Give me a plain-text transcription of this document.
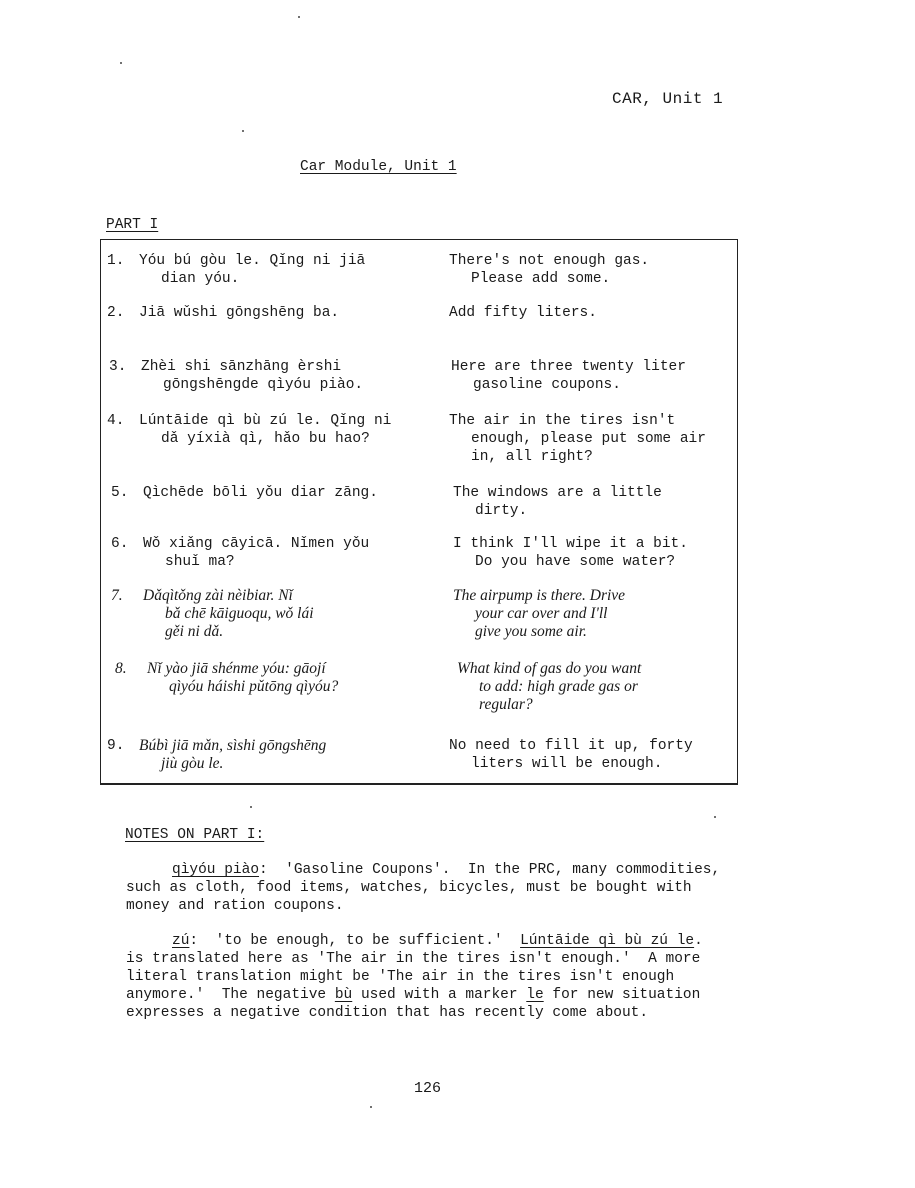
CAR, Unit 1
Car Module, Unit 1
PART I
1. Yóu bú gòu le. Qǐng ni jiā
dian yóu.
There's not enough gas.
Please add some.
2. Jiā wǔshi gōngshēng ba.	Add fifty liters.
3. Zhèi shi sānzhāng èrshi
gōngshēngde qìyóu piào.
Here are three twenty liter
gasoline coupons.
4. Lúntāide qì bù zú le. Qǐng ni
dǎ yíxià qì, hǎo bu hao?
The air in the tires isn't
enough, please put some air
in, all right?
5. Qìchēde bōli yǒu diar zāng.	The windows are a little
dirty.
6. Wǒ xiǎng cāyicā. Nǐmen yǒu
shuǐ ma?
I think I'll wipe it a bit.
Do you have some water?
7. Dǎqìtǒng zài nèibiar. Nǐ
bǎ chē kāiguoqu, wǒ lái
gěi ni dǎ.
The airpump is there. Drive
your car over and I'll
give you some air.
8. Nǐ yào jiā shénme yóu: gāojí
qìyóu háishi pǔtōng qìyóu?
What kind of gas do you want
to add: high grade gas or
regular?
9. Búbì jiā mǎn, sìshi gōngshēng
jiù gòu le.
No need to fill it up, forty
liters will be enough.
NOTES ON PART I:
qìyóu piào:  'Gasoline Coupons'.  In the PRC, many commodities,
such as cloth, food items, watches, bicycles, must be bought with
money and ration coupons.
zú:  'to be enough, to be sufficient.'  Lúntāide qì bù zú le.
is translated here as 'The air in the tires isn't enough.'  A more
literal translation might be 'The air in the tires isn't enough
anymore.'  The negative bù used with a marker le for new situation
expresses a negative condition that has recently come about.
126
